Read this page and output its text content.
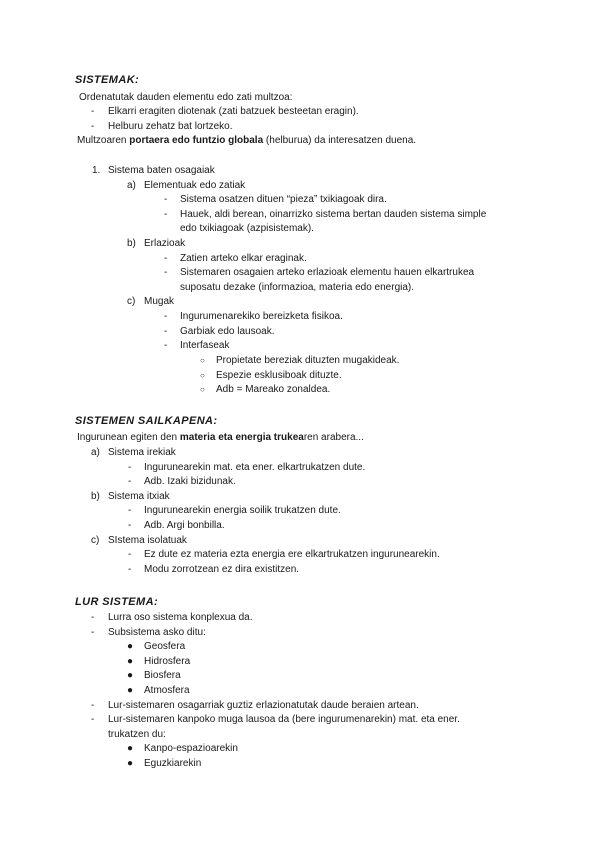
SISTEMAK:
Ordenatutak dauden elementu edo zati multzoa:
- Elkarri eragiten diotenak (zati batzuek besteetan eragin).
- Helburu zehatz bat lortzeko.
Multzoaren portaera edo funtzio globala (helburua) da interesatzen duena.
1. Sistema baten osagaiak
a) Elementuak edo zatiak
- Sistema osatzen dituen “pieza” txikiagoak dira.
- Hauek, aldi berean, oinarrizko sistema bertan dauden sistema simple
edo txikiagoak (azpisistemak).
b) Erlazioak
- Zatien arteko elkar eraginak.
- Sistemaren osagaien arteko erlazioak elementu hauen elkartrukea
suposatu dezake (informazioa, materia edo energia).
c) Mugak
- Ingurumenarekiko bereizketa fisikoa.
- Garbiak edo lausoak.
- Interfaseak
○ Propietate bereziak dituzten mugakideak.
○ Espezie esklusiboak dituzte.
○ Adb = Mareako zonaldea.
SISTEMEN SAILKAPENA:
Ingurunean egiten den materia eta energia trukearen arabera...
a) Sistema irekiak
- Ingurunearekin mat. eta ener. elkartrukatzen dute.
- Adb. Izaki bizidunak.
b) Sistema itxiak
- Ingurunearekin energia soilik trukatzen dute.
- Adb. Argi bonbilla.
c) SIstema isolatuak
- Ez dute ez materia ezta energia ere elkartrukatzen ingurunearekin.
- Modu zorrotzean ez dira existitzen.
LUR SISTEMA:
- Lurra oso sistema konplexua da.
- Subsistema asko ditu:
● Geosfera
● Hidrosfera
● Biosfera
● Atmosfera
- Lur-sistemaren osagarriak guztiz erlazionatutak daude beraien artean.
- Lur-sistemaren kanpoko muga lausoa da (bere ingurumenarekin) mat. eta ener.
trukatzen du:
● Kanpo-espazioarekin
● Eguzkiarekin
